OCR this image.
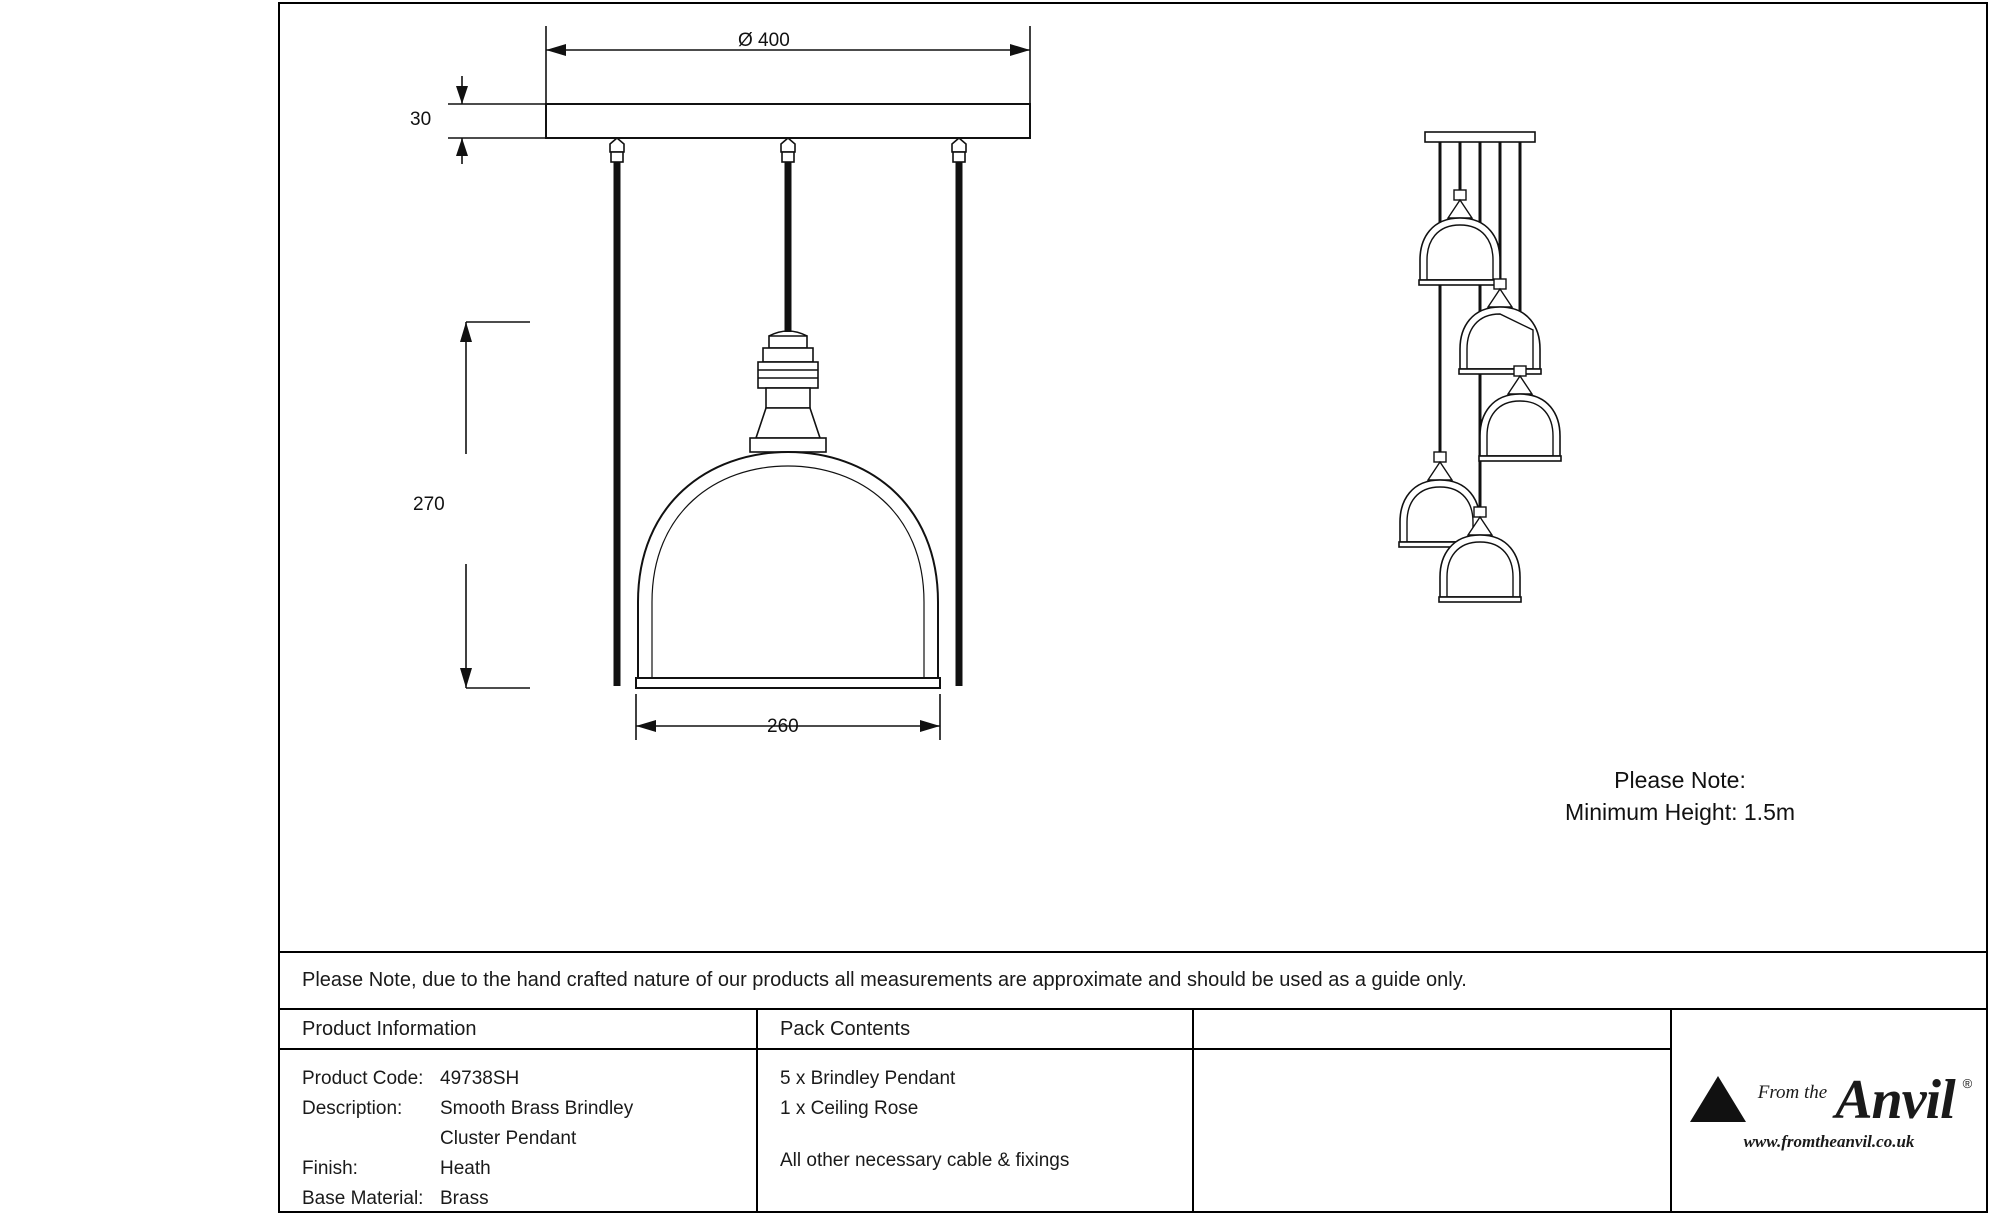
Ø 400
30
270
260
Please Note:
Minimum Height: 1.5m
Please Note, due to the hand crafted nature of our products all measurements are approximate and should be used as a guide only.
Product Information
Product Code: 49738SH
Description:	Smooth Brass Brindley
Cluster Pendant
Finish:	Heath
Base Material: Brass
Pack Contents
5 x Brindley Pendant
1 x Ceiling Rose
All other necessary cable & fixings
From the Anvil ®
www.fromtheanvil.co.uk
